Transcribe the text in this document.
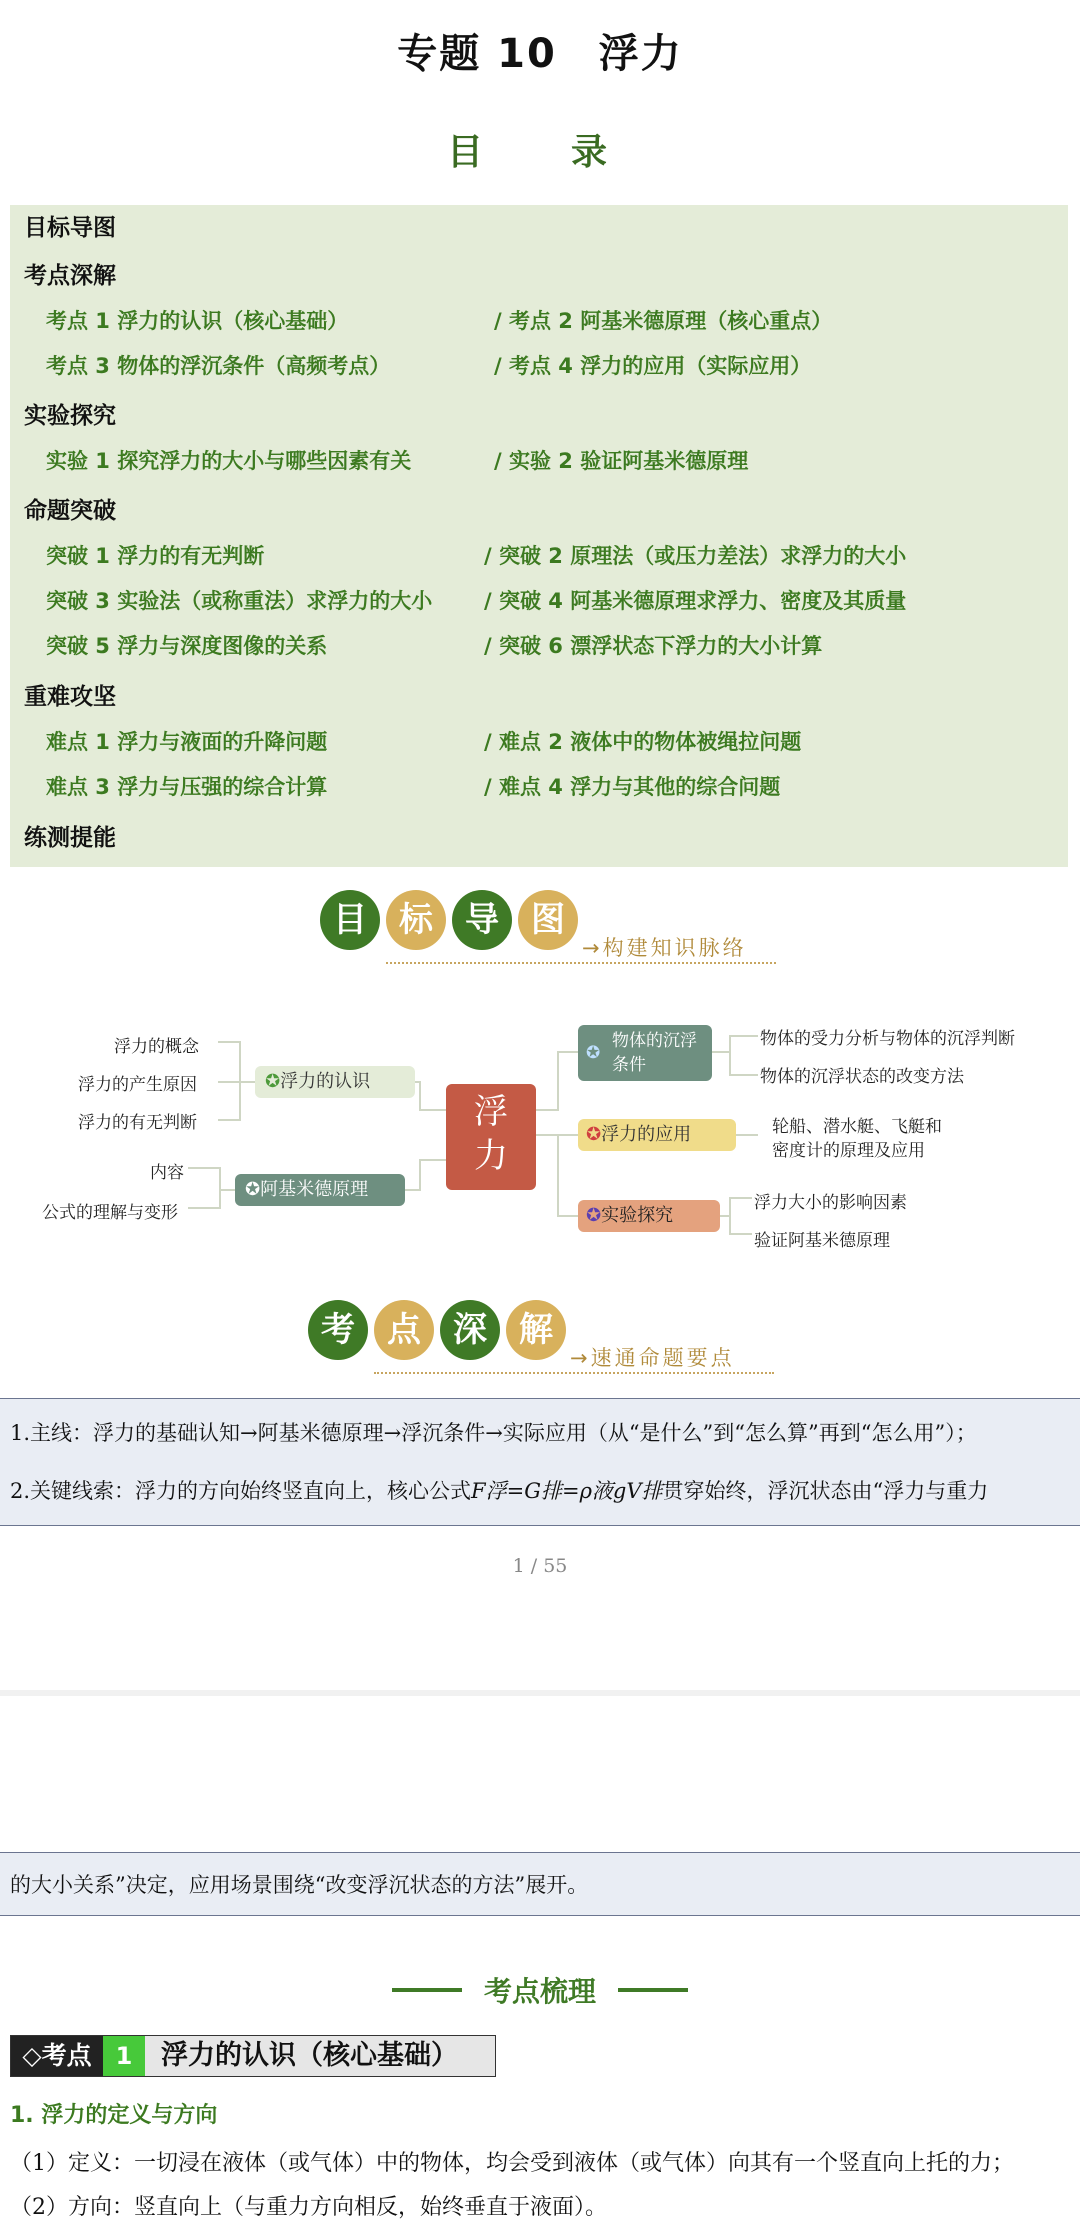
专题 10　浮力
目　录
目标导图
考点深解
考点 1 浮力的认识（核心基础）	/ 考点 2 阿基米德原理（核心重点）
考点 3 物体的浮沉条件（高频考点）	/ 考点 4 浮力的应用（实际应用）
实验探究
实验 1 探究浮力的大小与哪些因素有关	/ 实验 2 验证阿基米德原理
命题突破
突破 1 浮力的有无判断	/ 突破 2 原理法（或压力差法）求浮力的大小
突破 3 实验法（或称重法）求浮力的大小 / 突破 4 阿基米德原理求浮力、密度及其质量
突破 5 浮力与深度图像的关系	/ 突破 6 漂浮状态下浮力的大小计算
重难攻坚
难点 1 浮力与液面的升降问题	/ 难点 2 液体中的物体被绳拉问题
难点 3 浮力与压强的综合计算	/ 难点 4 浮力与其他的综合问题
练测提能
目 标 导 图
→构建知识脉络
浮力的概念
浮力的产生原因
浮力的有无判断
✪浮力的认识
内容
公式的理解与变形
✪阿基米德原理
浮力
✪
物体的沉浮条件
物体的受力分析与物体的沉浮判断
物体的沉浮状态的改变方法
✪浮力的应用	轮船、潜水艇、飞艇和
密度计的原理及应用
✪实验探究
浮力大小的影响因素
验证阿基米德原理
考 点 深 解
→速通命题要点
1.主线：浮力的基础认知→阿基米德原理→浮沉条件→实际应用（从“是什么”到“怎么算”再到“怎么用”）；
2.关键线索：浮力的方向始终竖直向上，核心公式F浮=G排=ρ液gV排贯穿始终，浮沉状态由“浮力与重力
1 / 55
的大小关系”决定，应用场景围绕“改变浮沉状态的方法”展开。
考点梳理
◇考点	1	浮力的认识（核心基础）
1. 浮力的定义与方向
（1）定义：一切浸在液体（或气体）中的物体，均会受到液体（或气体）向其有一个竖直向上托的力；
（2）方向：竖直向上（与重力方向相反，始终垂直于液面）。
